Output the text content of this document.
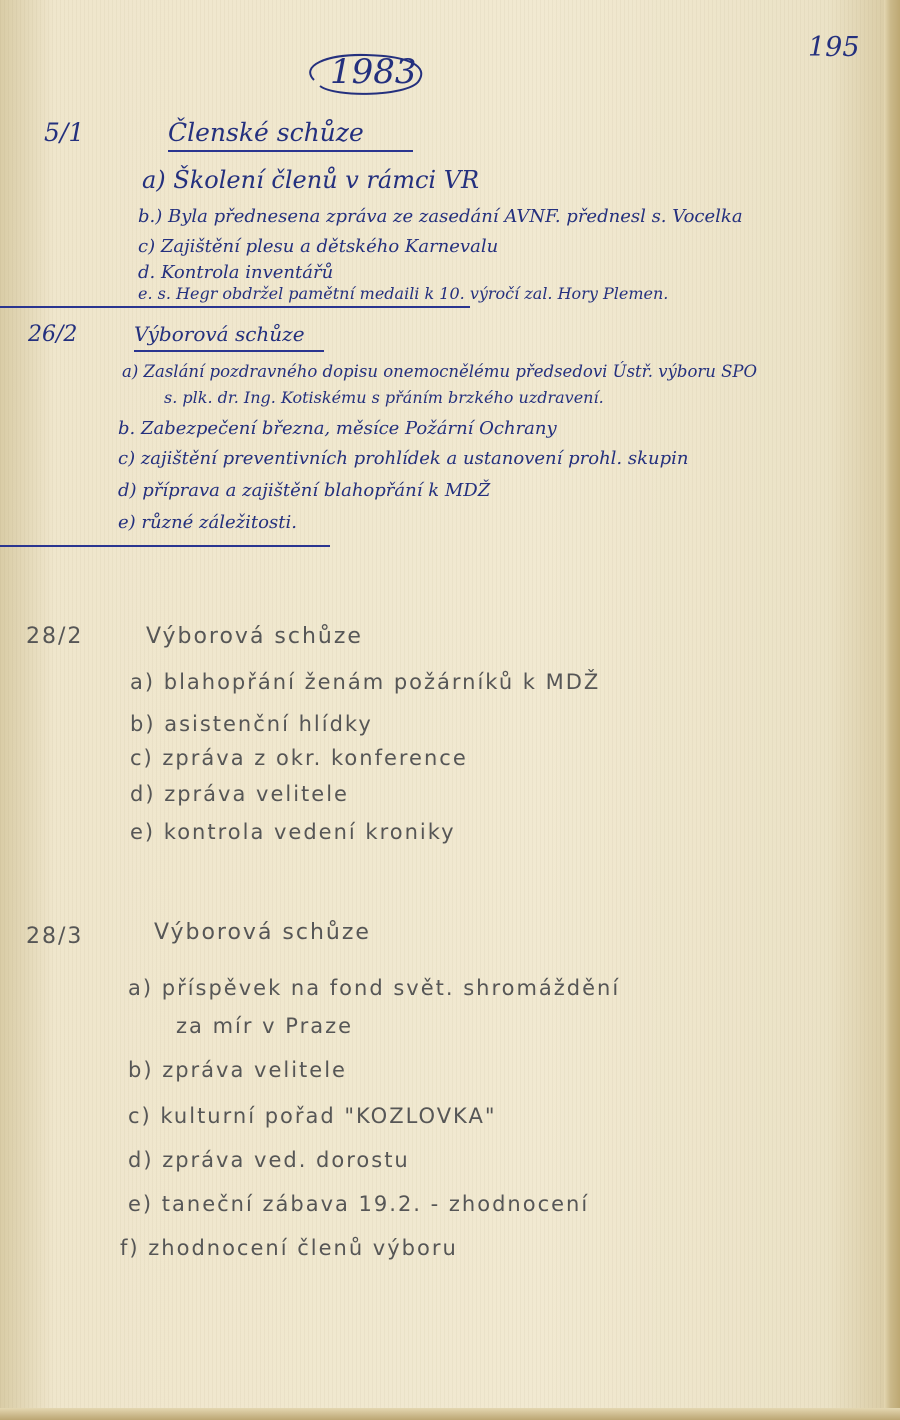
195
1983
5/1	Členské schůze
a) Školení členů v rámci VR
b.) Byla přednesena zpráva ze zasedání AVNF. přednesl s. Vocelka
c) Zajištění plesu a dětského Karnevalu
d. Kontrola inventářů
e. s. Hegr obdržel pamětní medaili k 10. výročí zal. Hory Plemen.
26/2	Výborová schůze
a) Zaslání pozdravného dopisu onemocnělému předsedovi Ústř. výboru SPO
s. plk. dr. Ing. Kotiskému s přáním brzkého uzdravení.
b. Zabezpečení března, měsíce Požární Ochrany
c) zajištění preventivních prohlídek a ustanovení prohl. skupin
d) příprava a zajištění blahopřání k MDŽ
e) různé záležitosti.
28/2	Výborová schůze
a) blahopřání ženám požárníků k MDŽ
b) asistenční hlídky
c) zpráva z okr. konference
d) zpráva velitele
e) kontrola vedení kroniky
28/3	Výborová schůze
a) příspěvek na fond svět. shromáždění
za mír v Praze
b) zpráva velitele
c) kulturní pořad "KOZLOVKA"
d) zpráva ved. dorostu
e) taneční zábava 19.2. - zhodnocení
f) zhodnocení členů výboru
